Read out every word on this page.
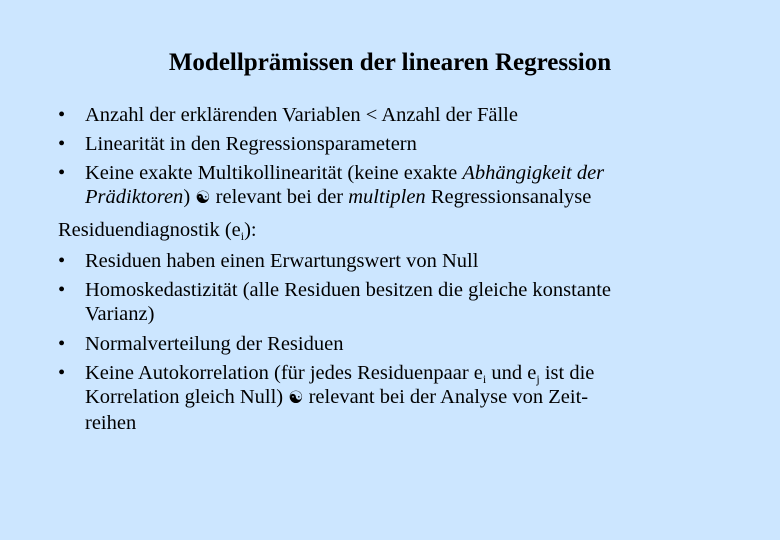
Modellprämissen der linearen Regression
• Anzahl der erklärenden Variablen < Anzahl der Fälle
• Linearität in den Regressionsparametern
• Keine exakte Multikollinearität (keine exakte Abhängigkeit der
Prädiktoren) ☯ relevant bei der multiplen Regressionsanalyse
Residuendiagnostik $(e_i)$:
• Residuen haben einen Erwartungswert von Null
• Homoskedastizität (alle Residuen besitzen die gleiche konstante
Varianz)
• Normalverteilung der Residuen
• Keine Autokorrelation (für jedes Residuenpaar $e_i$ und $e_j$ ist die
Korrelation gleich Null) ☯ relevant bei der Analyse von Zeit-
reihen
